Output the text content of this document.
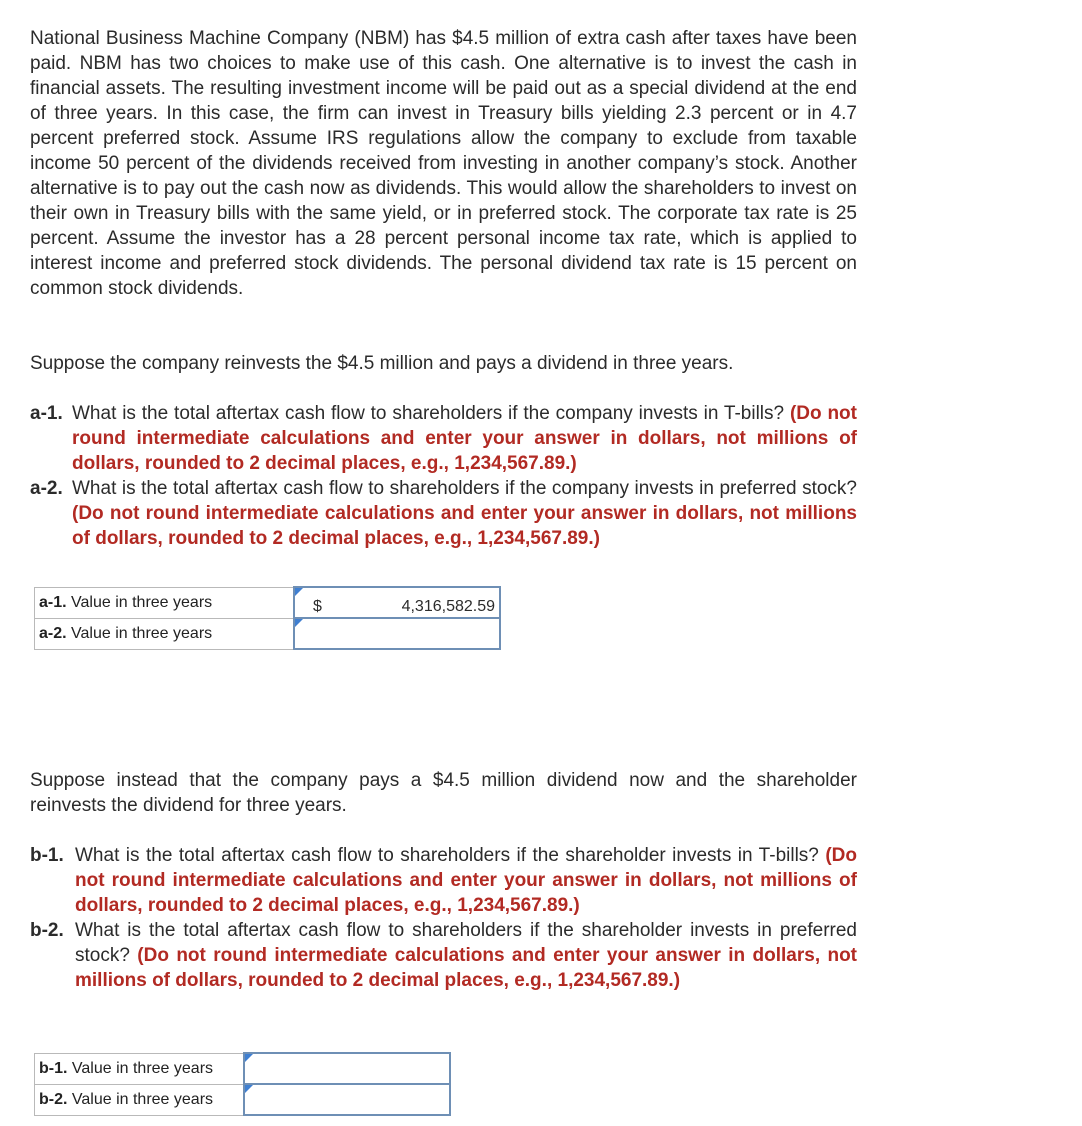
National Business Machine Company (NBM) has $4.5 million of extra cash after taxes have been paid. NBM has two choices to make use of this cash. One alternative is to invest the cash in financial assets. The resulting investment income will be paid out as a special dividend at the end of three years. In this case, the firm can invest in Treasury bills yielding 2.3 percent or in 4.7 percent preferred stock. Assume IRS regulations allow the company to exclude from taxable income 50 percent of the dividends received from investing in another company’s stock. Another alternative is to pay out the cash now as dividends. This would allow the shareholders to invest on their own in Treasury bills with the same yield, or in preferred stock. The corporate tax rate is 25 percent. Assume the investor has a 28 percent personal income tax rate, which is applied to interest income and preferred stock dividends. The personal dividend tax rate is 15 percent on common stock dividends.

Suppose the company reinvests the $4.5 million and pays a dividend in three years.

a-1. What is the total aftertax cash flow to shareholders if the company invests in T-bills? (Do not round intermediate calculations and enter your answer in dollars, not millions of dollars, rounded to 2 decimal places, e.g., 1,234,567.89.)
a-2. What is the total aftertax cash flow to shareholders if the company invests in preferred stock? (Do not round intermediate calculations and enter your answer in dollars, not millions of dollars, rounded to 2 decimal places, e.g., 1,234,567.89.)
a-1. Value in three years	$ 4,316,582.59

a-2. Value in three years	

Suppose instead that the company pays a $4.5 million dividend now and the shareholder reinvests the dividend for three years.

b-1. What is the total aftertax cash flow to shareholders if the shareholder invests in T-bills? (Do not round intermediate calculations and enter your answer in dollars, not millions of dollars, rounded to 2 decimal places, e.g., 1,234,567.89.)
b-2. What is the total aftertax cash flow to shareholders if the shareholder invests in preferred stock? (Do not round intermediate calculations and enter your answer in dollars, not millions of dollars, rounded to 2 decimal places, e.g., 1,234,567.89.)
b-1. Value in three years	

b-2. Value in three years	
